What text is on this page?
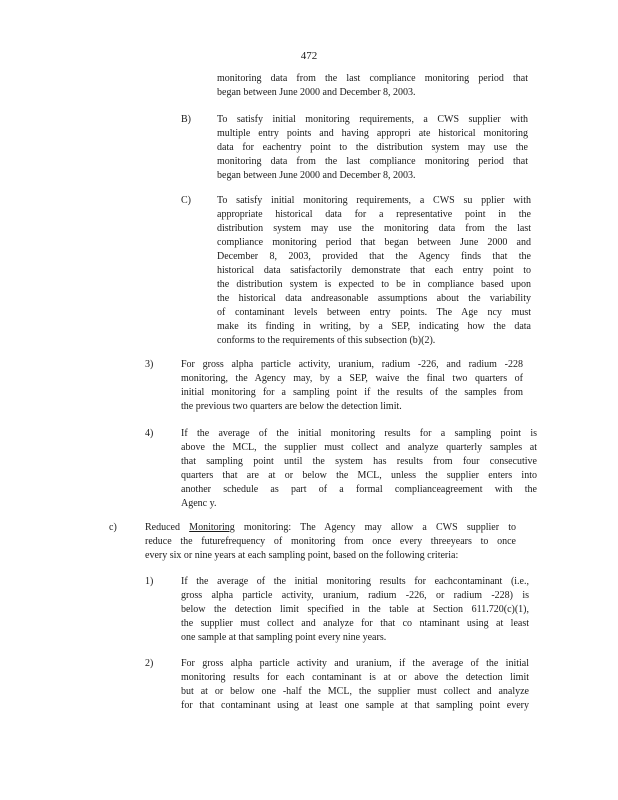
472
monitoring data from the last compliance monitoring period that
began between June 2000 and December 8, 2003.
B)	To satisfy initial monitoring requirements, a CWS supplier with
multiple entry points and having appropri ate historical monitoring
data for eachentry point to the distribution system may use the
monitoring data from the last compliance monitoring period that
began between June 2000 and December 8, 2003.
C)	To satisfy initial monitoring requirements, a CWS su pplier with
appropriate historical data for a representative point in the
distribution system may use the monitoring data from the last
compliance monitoring period that began between June 2000 and
December 8, 2003, provided that the Agency finds that the
historical data satisfactorily demonstrate that each entry point to
the distribution system is expected to be in compliance based upon
the historical data andreasonable assumptions about the variability
of contaminant levels between entry points. The Age ncy must
make its finding in writing, by a SEP, indicating how the data
conforms to the requirements of this subsection (b)(2).
3)	For gross alpha particle activity, uranium, radium -226, and radium -228
monitoring, the Agency may, by a SEP, waive the final two quarters of
initial monitoring for a sampling point if the results of the samples from
the previous two quarters are below the detection limit.
4)	If the average of the initial monitoring results for a sampling point is
above the MCL, the supplier must collect and analyze quarterly samples at
that sampling point until the system has results from four consecutive
quarters that are at or below the MCL, unless the supplier enters into
another schedule as part of a formal complianceagreement with the
Agenc y.
c)	Reduced Monitoring monitoring: The Agency may allow a CWS supplier to
reduce the futurefrequency of monitoring from once every threeyears to once
every six or nine years at each sampling point, based on the following criteria:
1)	If the average of the initial monitoring results for eachcontaminant (i.e.,
gross alpha particle activity, uranium, radium -226, or radium -228) is
below the detection limit specified in the table at Section 611.720(c)(1),
the supplier must collect and analyze for that co ntaminant using at least
one sample at that sampling point every nine years.
2)	For gross alpha particle activity and uranium, if the average of the initial
monitoring results for each contaminant is at or above the detection limit
but at or below one -half the MCL, the supplier must collect and analyze
for that contaminant using at least one sample at that sampling point every
